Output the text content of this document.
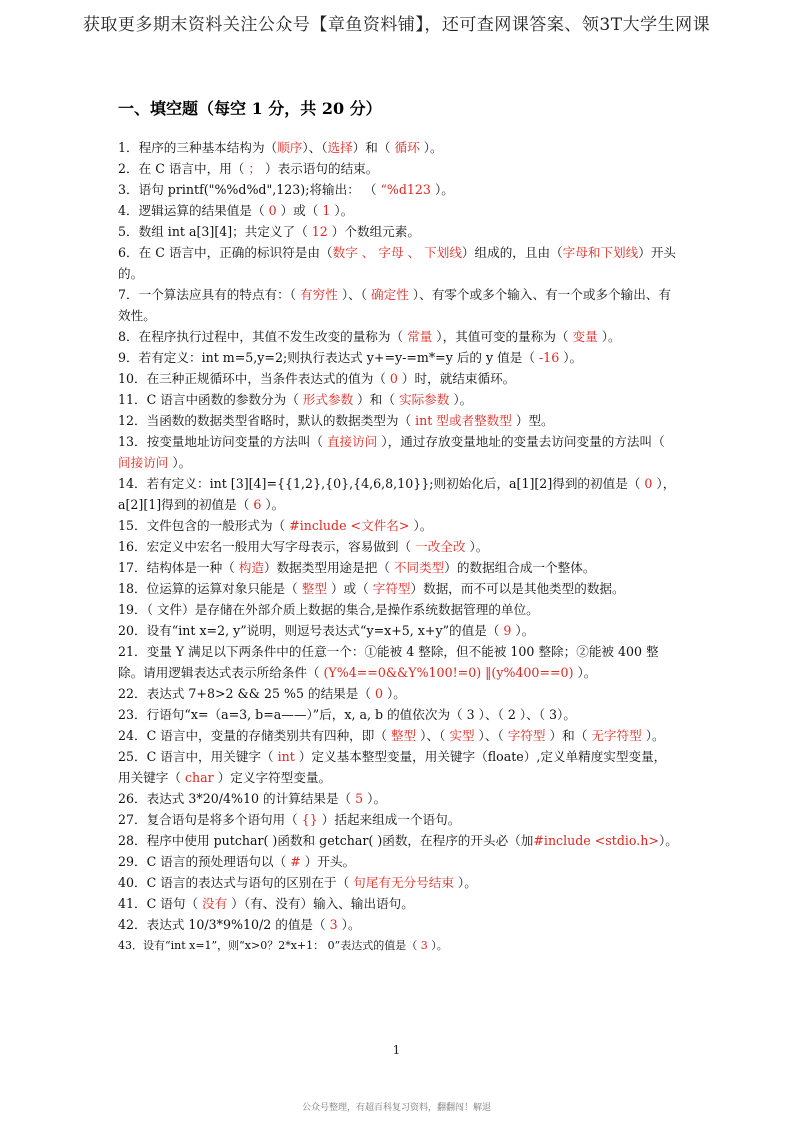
获取更多期末资料关注公众号【章鱼资料铺】，还可查网课答案、领3T大学生网课
一、填空题（每空 1 分，共 20 分）
1．程序的三种基本结构为（顺序）、（选择）和（ 循环 ）。
2．在 C 语言中，用（ ； ）表示语句的结束。
3．语句 printf("%%d%d",123);将输出： （ “%d123 ）。
4．逻辑运算的结果值是（ 0 ）或（ 1 ）。
5．数组 int a[3][4]；共定义了（ 12 ）个数组元素。
6．在 C 语言中，正确的标识符是由（数字 、 字母 、 下划线）组成的，且由（字母和下划线）开头的。
7．一个算法应具有的特点有：（ 有穷性 ）、（ 确定性 ）、有零个或多个输入、有一个或多个输出、有效性。
8．在程序执行过程中，其值不发生改变的量称为（ 常量 ），其值可变的量称为（ 变量 ）。
9．若有定义：int m=5,y=2;则执行表达式 y+=y-=m*=y 后的 y 值是（ -16 ）。
10．在三种正规循环中，当条件表达式的值为（ 0 ）时，就结束循环。
11．C 语言中函数的参数分为（ 形式参数 ）和（ 实际参数 ）。
12．当函数的数据类型省略时，默认的数据类型为（ int 型或者整数型 ）型。
13．按变量地址访问变量的方法叫（ 直接访问 ），通过存放变量地址的变量去访问变量的方法叫（ 间接访问 ）。
14．若有定义：int [3][4]={{1,2},{0},{4,6,8,10}};则初始化后，a[1][2]得到的初值是（ 0 ）， a[2][1]得到的初值是（ 6 ）。
15．文件包含的一般形式为（ #include <文件名> ）。
16．宏定义中宏名一般用大写字母表示，容易做到（ 一改全改 ）。
17．结构体是一种（ 构造）数据类型用途是把（ 不同类型）的数据组合成一个整体。
18．位运算的运算对象只能是（ 整型 ）或（ 字符型）数据，而不可以是其他类型的数据。
19．（ 文件）是存储在外部介质上数据的集合,是操作系统数据管理的单位。
20．设有“int x=2, y”说明，则逗号表达式“y=x+5, x+y”的值是（ 9 ）。
21．变量 Y 满足以下两条件中的任意一个：①能被 4 整除，但不能被 100 整除；②能被 400 整除。请用逻辑表达式表示所给条件（ (Y%4==0&&Y%100!=0) ‖(y%400==0) ）。
22．表达式 7+8>2 && 25 %5 的结果是（ 0 ）。
23．行语句“x=（a=3, b=a——）”后，x, a, b 的值依次为（ 3 ）、（ 2 ）、（ 3）。
24．C 语言中，变量的存储类别共有四种，即（ 整型 ）、（ 实型 ）、（ 字符型 ）和（ 无字符型 ）。
25．C 语言中，用关键字（ int ）定义基本整型变量，用关键字（floate）,定义单精度实型变量，用关键字（ char ）定义字符型变量。
26．表达式 3*20/4%10 的计算结果是（ 5 ）。
27．复合语句是将多个语句用（ {} ）括起来组成一个语句。
28．程序中使用 putchar( )函数和 getchar( )函数，在程序的开头必（加#include <stdio.h>）。
29．C 语言的预处理语句以（ # ）开头。
40．C 语言的表达式与语句的区别在于（ 句尾有无分号结束 ）。
41．C 语句（ 没有 ）（有、没有）输入、输出语句。
42．表达式 10/3*9%10/2 的值是（ 3 ）。
43．设有“int x=1”，则“x>0？2*x+1： 0”表达式的值是（ 3 ）。
1
公众号整理，有超百科复习资料，翻翻闯！解退
